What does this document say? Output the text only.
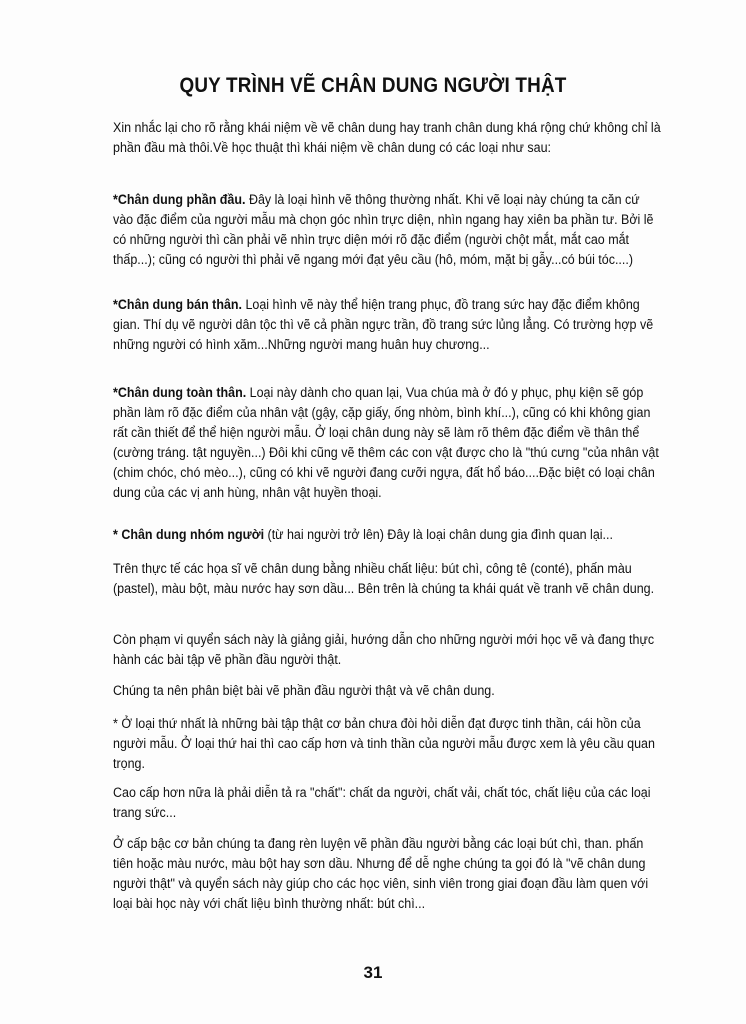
QUY TRÌNH VẼ CHÂN DUNG NGƯỜI THẬT

Xin nhắc lại cho rõ rằng khái niệm về vẽ chân dung hay tranh chân dung khá rộng chứ không chỉ là phần đầu mà thôi.Về học thuật thì khái niệm về chân dung có các loại như sau:

*Chân dung phần đầu. Đây là loại hình vẽ thông thường nhất. Khi vẽ loại này chúng ta căn cứ vào đặc điểm của người mẫu mà chọn góc nhìn trực diện, nhìn ngang hay xiên ba phần tư. Bởi lẽ có những người thì cần phải vẽ nhìn trực diện mới rõ đặc điểm (người chột mắt, mắt cao mắt thấp...); cũng có người thì phải vẽ ngang mới đạt yêu cầu (hô, móm, mặt bị gẫy...có búi tóc....)

*Chân dung bán thân. Loại hình vẽ này thể hiện trang phục, đồ trang sức hay đặc điểm không gian. Thí dụ vẽ người dân tộc thì vẽ cả phần ngực trần, đồ trang sức lủng lẳng. Có trường hợp vẽ những người có hình xăm...Những người mang huân huy chương...

*Chân dung toàn thân. Loại này dành cho quan lại, Vua chúa mà ở đó y phục, phụ kiện sẽ góp phần làm rõ đặc điểm của nhân vật (gậy, cặp giấy, ống nhòm, bình khí...), cũng có khi không gian rất cần thiết để thể hiện người mẫu. Ở loại chân dung này sẽ làm rõ thêm đặc điểm về thân thể (cường tráng. tật nguyền...) Đôi khi cũng vẽ thêm các con vật được cho là "thú cưng "của nhân vật (chim chóc, chó mèo...), cũng có khi vẽ người đang cưỡi ngựa, đất hổ báo....Đặc biệt có loại chân dung của các vị anh hùng, nhân vật huyền thoại.

* Chân dung nhóm người (từ hai người trở lên) Đây là loại chân dung gia đình quan lại...

Trên thực tế các họa sĩ vẽ chân dung bằng nhiều chất liệu: bút chì, công tê (conté), phấn màu (pastel), màu bột, màu nước hay sơn dầu... Bên trên là chúng ta khái quát về tranh vẽ chân dung.

Còn phạm vi quyển sách này là giảng giải, hướng dẫn cho những người mới học vẽ và đang thực hành các bài tập vẽ phần đầu người thật.

Chúng ta nên phân biệt bài vẽ phần đầu người thật và vẽ chân dung.

* Ở loại thứ nhất là những bài tập thật cơ bản chưa đòi hỏi diễn đạt được tinh thần, cái hồn của người mẫu. Ở loại thứ hai thì cao cấp hơn và tinh thần của người mẫu được xem là yêu cầu quan trọng.

Cao cấp hơn nữa là phải diễn tả ra "chất": chất da người, chất vải, chất tóc, chất liệu của các loại trang sức...

Ở cấp bậc cơ bản chúng ta đang rèn luyện vẽ phần đầu người bằng các loại bút chì, than. phấn tiên hoặc màu nước, màu bột hay sơn dầu. Nhưng để dễ nghe chúng ta gọi đó là "vẽ chân dung người thật" và quyển sách này giúp cho các học viên, sinh viên trong giai đoạn đầu làm quen với loại bài học này với chất liệu bình thường nhất: bút chì...

31
